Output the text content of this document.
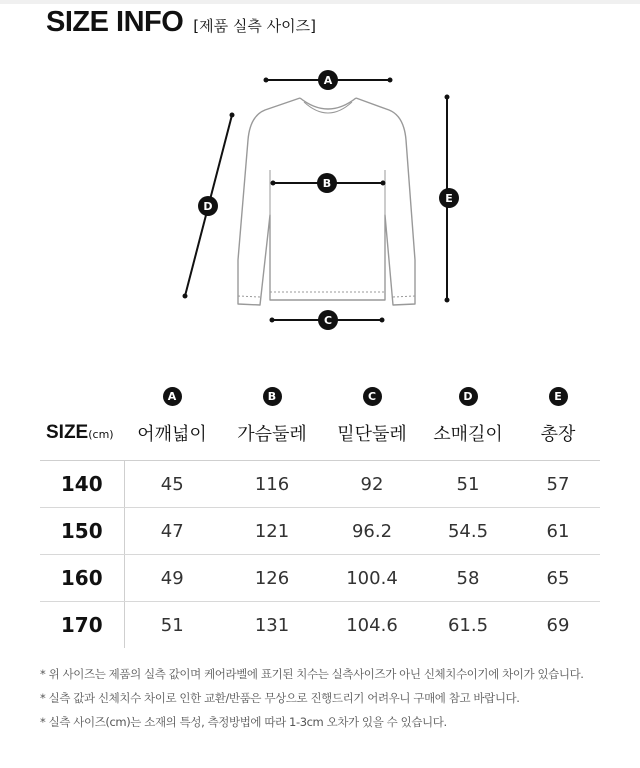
SIZE INFO [제품 실측 사이즈]
A
B
C
D
E
	A	B	C	D	E
SIZE(cm)	어깨넓이	가슴둘레	밑단둘레	소매길이	총장
140	45	116	92	51	57
150	47	121	96.2	54.5	61
160	49	126	100.4	58	65
170	51	131	104.6	61.5	69
* 위 사이즈는 제품의 실측 값이며 케어라벨에 표기된 치수는 실측사이즈가 아닌 신체치수이기에 차이가 있습니다.
* 실측 값과 신체치수 차이로 인한 교환/반품은 무상으로 진행드리기 어려우니 구매에 참고 바랍니다.
* 실측 사이즈(cm)는 소재의 특성, 측정방법에 따라 1-3cm 오차가 있을 수 있습니다.
